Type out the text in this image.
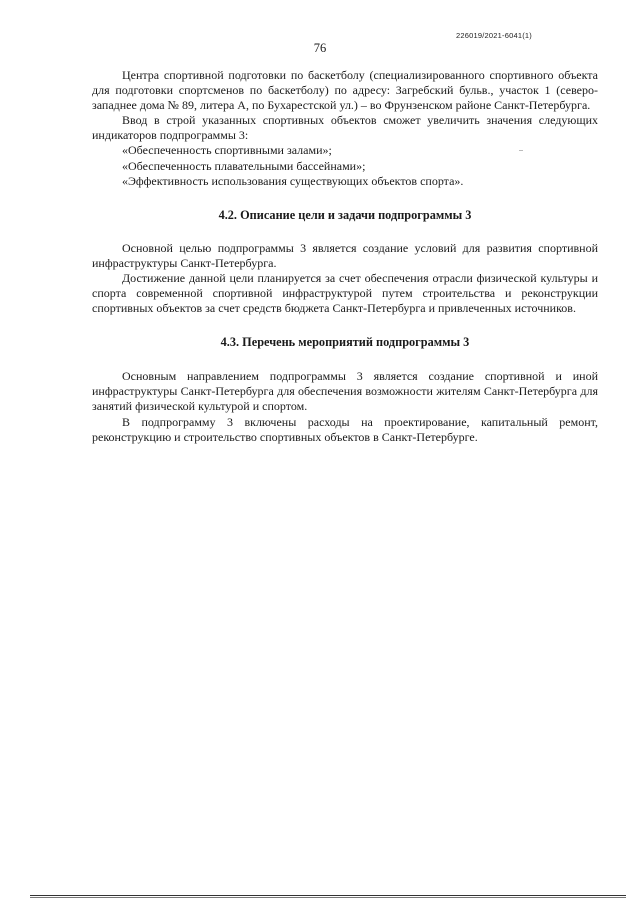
226019/2021-6041(1)
76

Центра спортивной подготовки по баскетболу (специализированного спортивного объекта для подготовки спортсменов по баскетболу) по адресу: Загребский бульв., участок 1 (северо-западнее дома № 89, литера А, по Бухарестской ул.) – во Фрунзенском районе Санкт-Петербурга.

Ввод в строй указанных спортивных объектов сможет увеличить значения следующих индикаторов подпрограммы 3:

«Обеспеченность спортивными залами»;

«Обеспеченность плавательными бассейнами»;

«Эффективность использования существующих объектов спорта».

4.2. Описание цели и задачи подпрограммы 3

Основной целью подпрограммы 3 является создание условий для развития спортивной инфраструктуры Санкт-Петербурга.

Достижение данной цели планируется за счет обеспечения отрасли физической культуры и спорта современной спортивной инфраструктурой путем строительства и реконструкции спортивных объектов за счет средств бюджета Санкт-Петербурга и привлеченных источников.

4.3. Перечень мероприятий подпрограммы 3

Основным направлением подпрограммы 3 является создание спортивной и иной инфраструктуры Санкт-Петербурга для обеспечения возможности жителям Санкт-Петербурга для занятий физической культурой и спортом.

В подпрограмму 3 включены расходы на проектирование, капитальный ремонт, реконструкцию и строительство спортивных объектов в Санкт-Петербурге.
